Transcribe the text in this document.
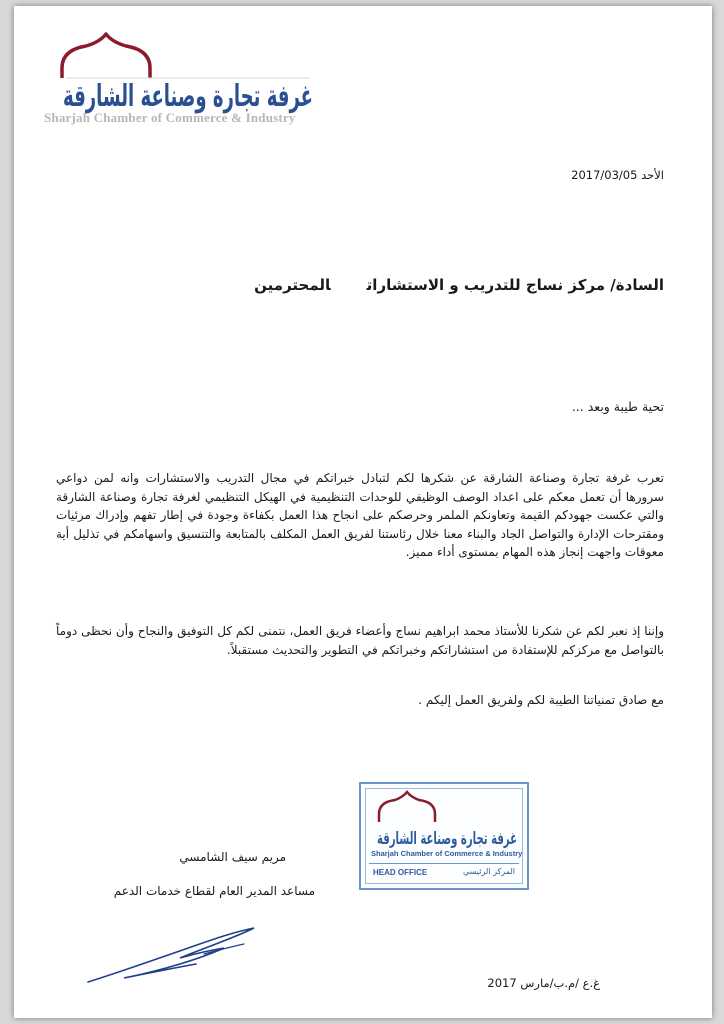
غرفة تجارة وصناعة الشارقة
Sharjah Chamber of Commerce & Industry
الأحد 2017/03/05
السادة/ مركز نساج للتدريب و الاستشاراتالمحترمين
تحية طيبة وبعد ...

تعرب غرفة تجارة وصناعة الشارقة عن شكرها لكم لتبادل خبراتكم في مجال التدريب والاستشارات وانه لمن دواعي سرورها أن تعمل معكم على اعداد الوصف الوظيفي للوحدات التنظيمية في الهيكل التنظيمي لغرفة تجارة وصناعة الشارقة والتي عكست جهودكم القيمة وتعاونكم الملمر وحرصكم على انجاح هذا العمل بكفاءة وجودة في إطار تفهم وإدراك مرئيات ومقترحات الإدارة والتواصل الجاد والبناء معنا خلال رئاستنا لفريق العمل المكلف بالمتابعة والتنسيق واسهامكم في تذليل أية معوقات واجهت إنجاز هذه المهام بمستوى أداء مميز.

وإننا إذ نعبر لكم عن شكرنا للأستاذ محمد ابراهيم نساج وأعضاء فريق العمل، نتمنى لكم كل التوفيق والنجاح وأن نحظى دوماً بالتواصل مع مركزكم للإستفادة من استشاراتكم وخبراتكم في التطوير والتحديث مستقبلاً.

مع صادق تمنياتنا الطيبة لكم ولفريق العمل إليكم .

غرفة تجارة وصناعة الشارقة
Sharjah Chamber of Commerce & Industry
HEAD OFFICE	المركز الرئيسي
مريم سيف الشامسي
مساعد المدير العام لقطاع خدمات الدعم
غ.ع /م.ب/مارس 2017
